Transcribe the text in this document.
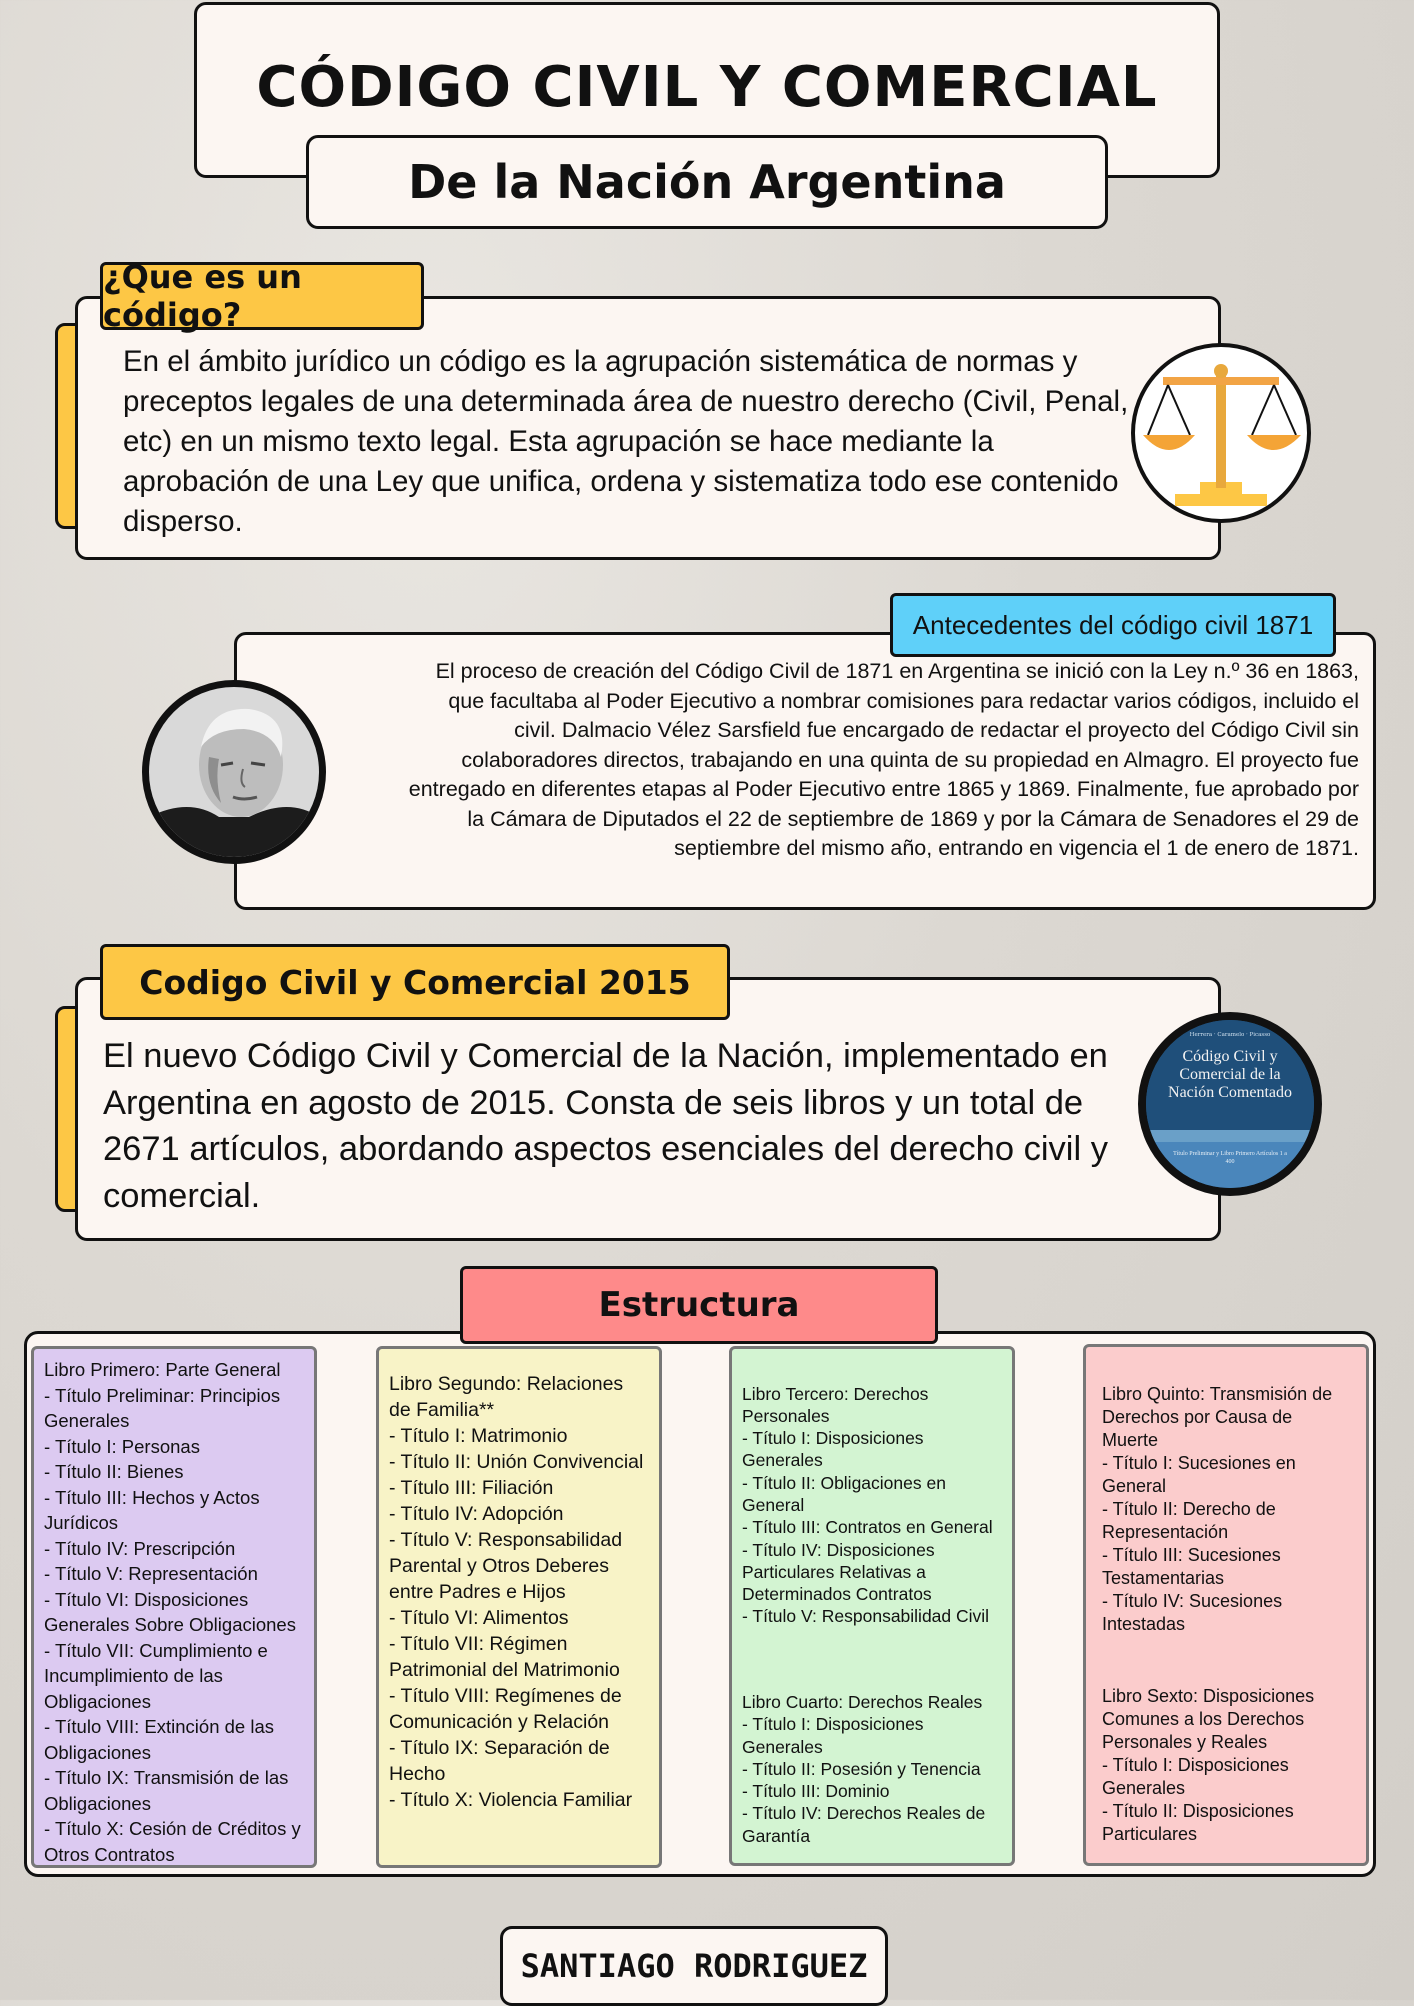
CÓDIGO CIVIL Y COMERCIAL
De la Nación Argentina
¿Que es un código?

En el ámbito jurídico un código es la agrupación sistemática de normas y preceptos legales de una determinada área de nuestro derecho (Civil, Penal, etc) en un mismo texto legal. Esta agrupación se hace mediante la aprobación de una Ley que unifica, ordena y sistematiza todo ese contenido disperso.

Antecedentes del código civil 1871

El proceso de creación del Código Civil de 1871 en Argentina se inició con la Ley n.º 36 en 1863, que facultaba al Poder Ejecutivo a nombrar comisiones para redactar varios códigos, incluido el civil. Dalmacio Vélez Sarsfield fue encargado de redactar el proyecto del Código Civil sin colaboradores directos, trabajando en una quinta de su propiedad en Almagro. El proyecto fue entregado en diferentes etapas al Poder Ejecutivo entre 1865 y 1869. Finalmente, fue aprobado por la Cámara de Diputados el 22 de septiembre de 1869 y por la Cámara de Senadores el 29 de septiembre del mismo año, entrando en vigencia el 1 de enero de 1871.

Codigo Civil y Comercial 2015

El nuevo Código Civil y Comercial de la Nación, implementado en Argentina en agosto de 2015. Consta de seis libros y un total de 2671 artículos, abordando aspectos esenciales del derecho civil y comercial.

Herrera · Caramelo · Picasso
Código Civil y Comercial de la Nación Comentado
Título Preliminar y Libro Primero Artículos 1 a 400
Estructura
Libro Primero: Parte General
- Título Preliminar: Principios Generales
- Título I: Personas
- Título II: Bienes
- Título III: Hechos y Actos Jurídicos
- Título IV: Prescripción
- Título V: Representación
- Título VI: Disposiciones Generales Sobre Obligaciones
- Título VII: Cumplimiento e Incumplimiento de las Obligaciones
- Título VIII: Extinción de las Obligaciones
- Título IX: Transmisión de las Obligaciones
- Título X: Cesión de Créditos y Otros Contratos
Libro Segundo: Relaciones de Familia**
- Título I: Matrimonio
- Título II: Unión Convivencial
- Título III: Filiación
- Título IV: Adopción
- Título V: Responsabilidad Parental y Otros Deberes entre Padres e Hijos
- Título VI: Alimentos
- Título VII: Régimen Patrimonial del Matrimonio
- Título VIII: Regímenes de Comunicación y Relación
- Título IX: Separación de Hecho
- Título X: Violencia Familiar

Libro Tercero: Derechos Personales
- Título I: Disposiciones Generales
- Título II: Obligaciones en General
- Título III: Contratos en General
- Título IV: Disposiciones Particulares Relativas a Determinados Contratos
- Título V: Responsabilidad Civil

Libro Cuarto: Derechos Reales
- Título I: Disposiciones Generales
- Título II: Posesión y Tenencia
- Título III: Dominio
- Título IV: Derechos Reales de Garantía

Libro Quinto: Transmisión de Derechos por Causa de Muerte
- Título I: Sucesiones en General
- Título II: Derecho de Representación
- Título III: Sucesiones Testamentarias
- Título IV: Sucesiones Intestadas

Libro Sexto: Disposiciones Comunes a los Derechos Personales y Reales
- Título I: Disposiciones Generales
- Título II: Disposiciones Particulares

SANTIAGO RODRIGUEZ
